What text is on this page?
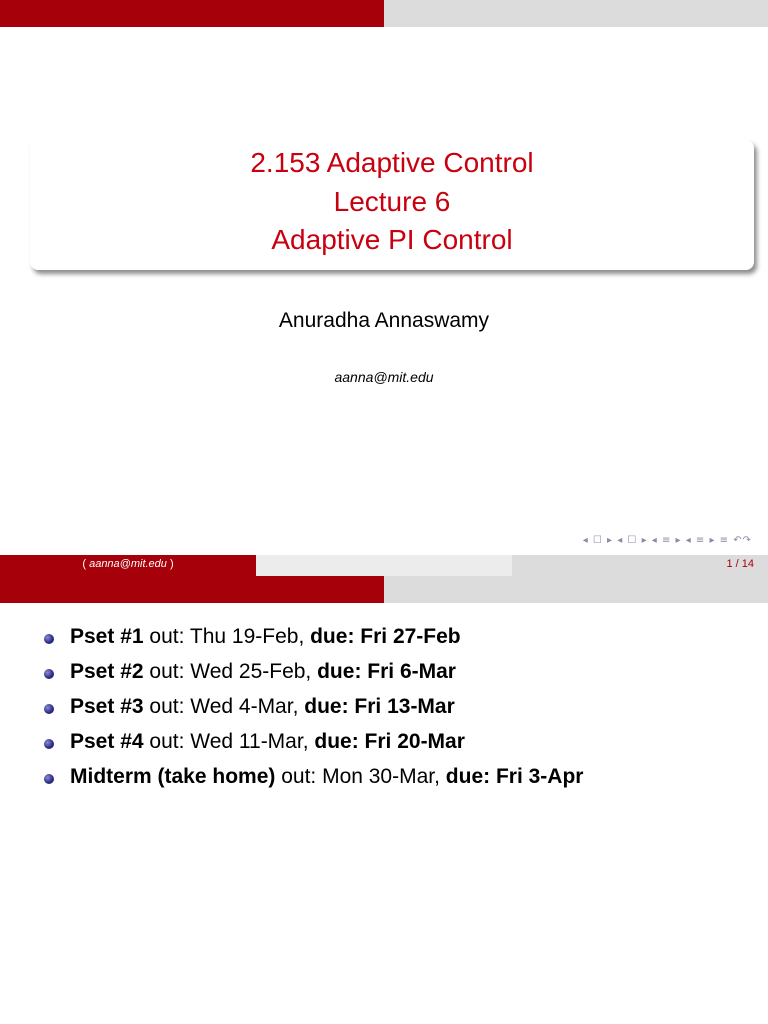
2.153 Adaptive Control
Lecture 6
Adaptive PI Control
Anuradha Annaswamy
aanna@mit.edu
◂ ☐ ▸ ◂ ☐ ▸ ◂ ≡ ▸ ◂ ≡ ▸ ≡ ↶↷
( aanna@mit.edu )	1 / 14
Pset #1 out: Thu 19-Feb, due: Fri 27-Feb
Pset #2 out: Wed 25-Feb, due: Fri 6-Mar
Pset #3 out: Wed 4-Mar, due: Fri 13-Mar
Pset #4 out: Wed 11-Mar, due: Fri 20-Mar
Midterm (take home) out: Mon 30-Mar, due: Fri 3-Apr
